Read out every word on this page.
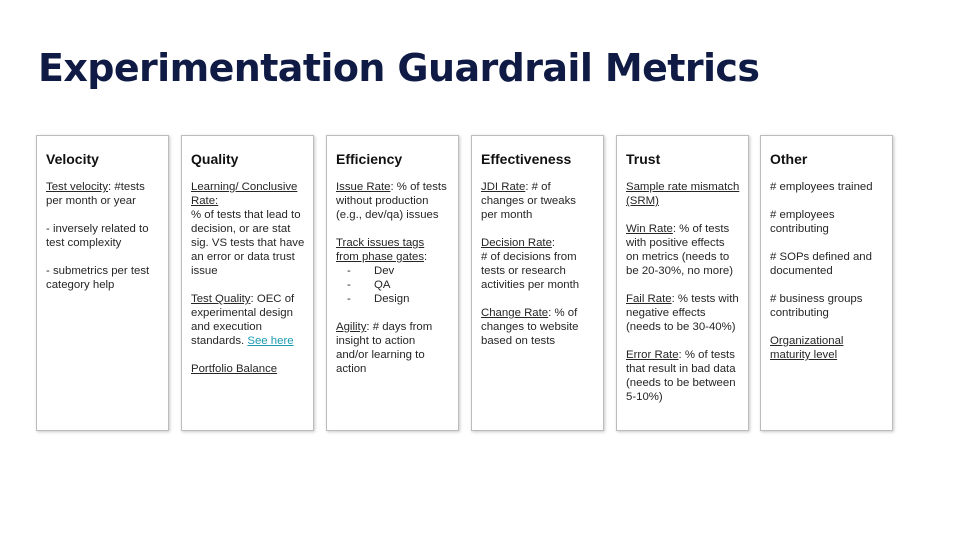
Experimentation Guardrail Metrics
Velocity
Test velocity: #tests per month or year
- inversely related to test complexity
- submetrics per test category help
Quality
Learning/ Conclusive Rate:
% of tests that lead to decision, or are stat sig. VS tests that have an error or data trust issue
Test Quality: OEC of experimental design and execution standards. See here
Portfolio Balance
Efficiency
Issue Rate: % of tests without production (e.g., dev/qa) issues
Track issues tags from phase gates:
- Dev
- QA
- Design
Agility: # days from insight to action and/or learning to action
Effectiveness
JDI Rate: # of changes or tweaks per month
Decision Rate:
# of decisions from tests or research activities per month
Change Rate: % of changes to website based on tests
Trust
Sample rate mismatch (SRM)
Win Rate: % of tests with positive effects on metrics (needs to be 20-30%, no more)
Fail Rate: % tests with negative effects (needs to be 30-40%)
Error Rate: % of tests that result in bad data (needs to be between 5-10%)
Other
# employees trained
# employees contributing
# SOPs defined and documented
# business groups contributing
Organizational maturity level
